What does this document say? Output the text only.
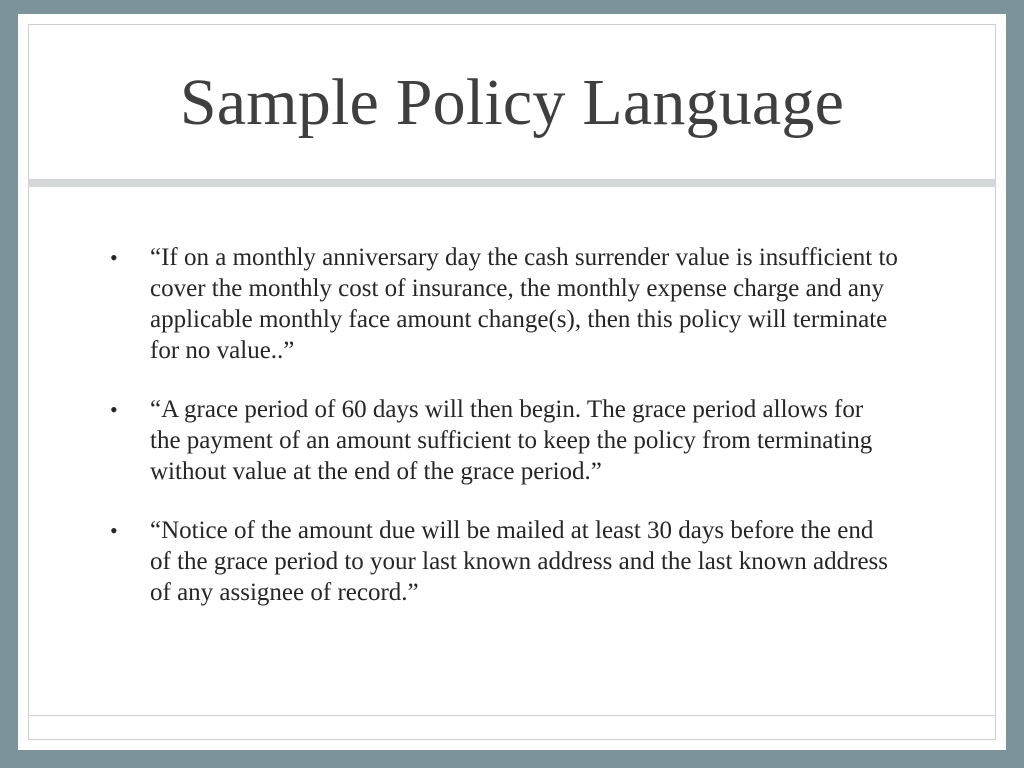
Sample Policy Language
• “If on a monthly anniversary day the cash surrender value is insufficient to cover the monthly cost of insurance, the monthly expense charge and any applicable monthly face amount change(s), then this policy will terminate for no value..”
• “A grace period of 60 days will then begin. The grace period allows for the payment of an amount sufficient to keep the policy from terminating without value at the end of the grace period.”
• “Notice of the amount due will be mailed at least 30 days before the end of the grace period to your last known address and the last known address of any assignee of record.”
